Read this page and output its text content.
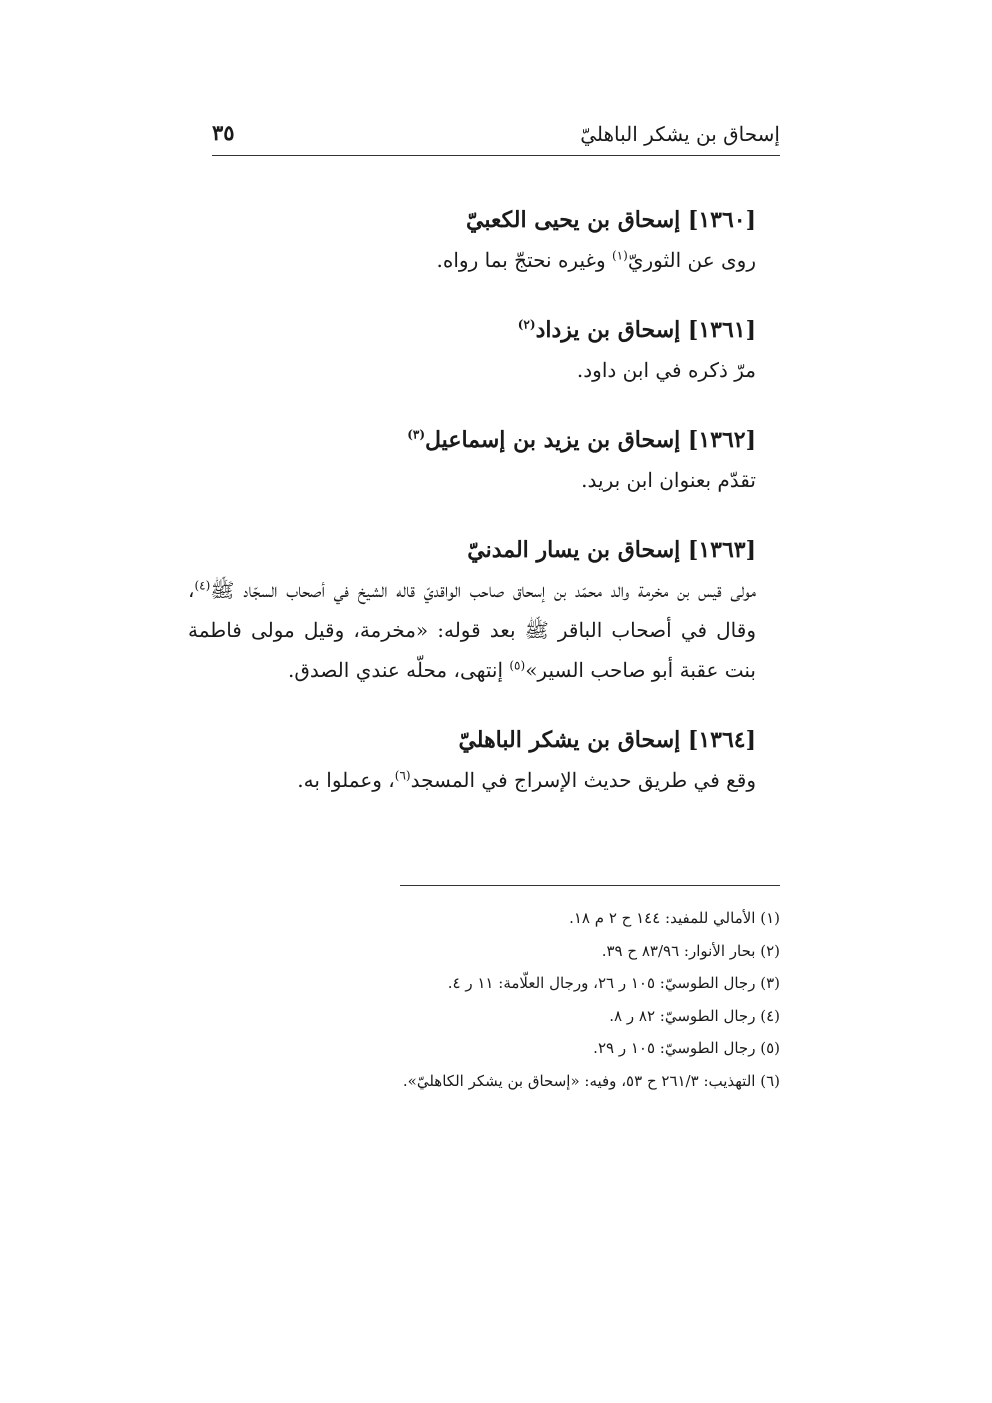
إسحاق بن يشكر الباهليّ
٣٥

[١٣٦٠] إسحاق بن يحيى الكعبيّ

روى عن الثوريّ$^{(١)}$ وغيره نحتجّ بما رواه.

[١٣٦١] إسحاق بن يزداد$^{(٢)}$

مرّ ذكره في ابن داود.

[١٣٦٢] إسحاق بن يزيد بن إسماعيل$^{(٣)}$

تقدّم بعنوان ابن بريد.

[١٣٦٣] إسحاق بن يسار المدنيّ

مولى قيس بن مخرمة والد محمّد بن إسحاق صاحب الواقديّ قاله الشيخ في أصحاب السجّاد ﷺ$^{(٤)}$، وقال في أصحاب الباقر ﷺ بعد قوله: «مخرمة، وقيل مولى فاطمة بنت عقبة أبو صاحب السير»$^{(٥)}$ إنتهى، محلّه عندي الصدق.

[١٣٦٤] إسحاق بن يشكر الباهليّ

وقع في طريق حديث الإسراج في المسجد$^{(٦)}$، وعملوا به.

(١) الأمالي للمفيد: ١٤٤ ح ٢ م ١٨.

(٢) بحار الأنوار: ٨٣/٩٦ ح ٣٩.

(٣) رجال الطوسيّ: ١٠٥ ر ٢٦، ورجال العلّامة: ١١ ر ٤.

(٤) رجال الطوسيّ: ٨٢ ر ٨.

(٥) رجال الطوسيّ: ١٠٥ ر ٢٩.

(٦) التهذيب: ٢٦١/٣ ح ٥٣، وفيه: «إسحاق بن يشكر الكاهليّ».
